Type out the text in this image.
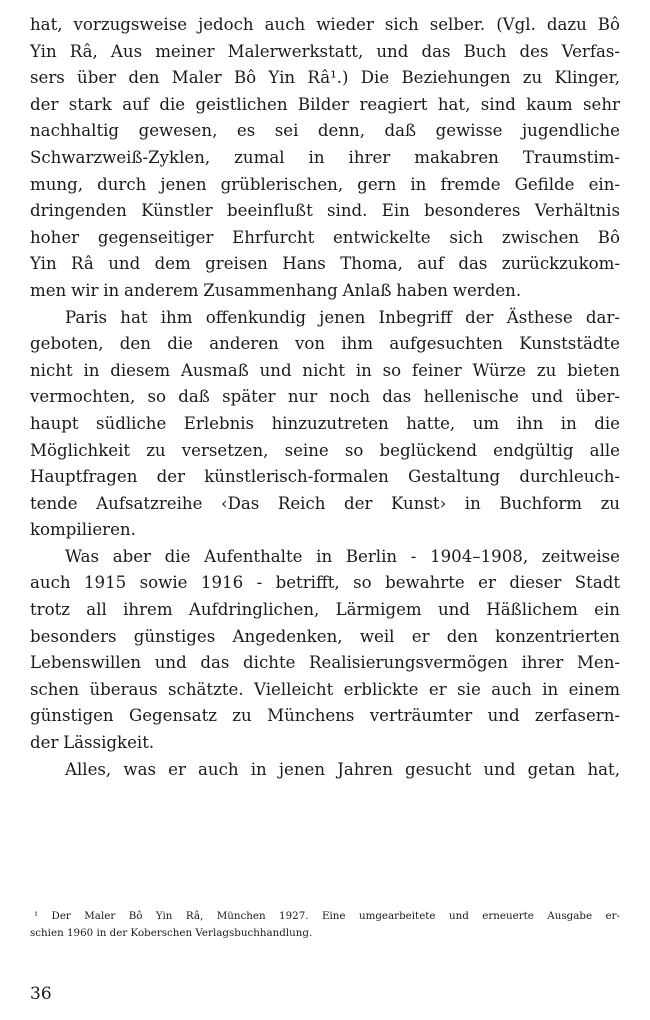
hat, vorzugsweise jedoch auch wieder sich selber. (Vgl. dazu Bô
Yin Râ, Aus meiner Malerwerkstatt, und das Buch des Verfas-
sers über den Maler Bô Yin Râ¹.) Die Beziehungen zu Klinger,
der stark auf die geistlichen Bilder reagiert hat, sind kaum sehr
nachhaltig gewesen, es sei denn, daß gewisse jugendliche
Schwarzweiß-Zyklen, zumal in ihrer makabren Traumstim-
mung, durch jenen grüblerischen, gern in fremde Gefilde ein-
dringenden Künstler beeinflußt sind. Ein besonderes Verhältnis
hoher gegenseitiger Ehrfurcht entwickelte sich zwischen Bô
Yin Râ und dem greisen Hans Thoma, auf das zurückzukom-
men wir in anderem Zusammenhang Anlaß haben werden.
Paris hat ihm offenkundig jenen Inbegriff der Ästhese dar-
geboten, den die anderen von ihm aufgesuchten Kunststädte
nicht in diesem Ausmaß und nicht in so feiner Würze zu bieten
vermochten, so daß später nur noch das hellenische und über-
haupt südliche Erlebnis hinzuzutreten hatte, um ihn in die
Möglichkeit zu versetzen, seine so beglückend endgültig alle
Hauptfragen der künstlerisch-formalen Gestaltung durchleuch-
tende Aufsatzreihe ‹Das Reich der Kunst› in Buchform zu
kompilieren.
Was aber die Aufenthalte in Berlin - 1904–1908, zeitweise
auch 1915 sowie 1916 - betrifft, so bewahrte er dieser Stadt
trotz all ihrem Aufdringlichen, Lärmigem und Häßlichem ein
besonders günstiges Angedenken, weil er den konzentrierten
Lebenswillen und das dichte Realisierungsvermögen ihrer Men-
schen überaus schätzte. Vielleicht erblickte er sie auch in einem
günstigen Gegensatz zu Münchens verträumter und zerfasern-
der Lässigkeit.
Alles, was er auch in jenen Jahren gesucht und getan hat,
¹ Der Maler Bô Yin Râ, München 1927. Eine umgearbeitete und erneuerte Ausgabe er-
schien 1960 in der Koberschen Verlagsbuchhandlung.
36
